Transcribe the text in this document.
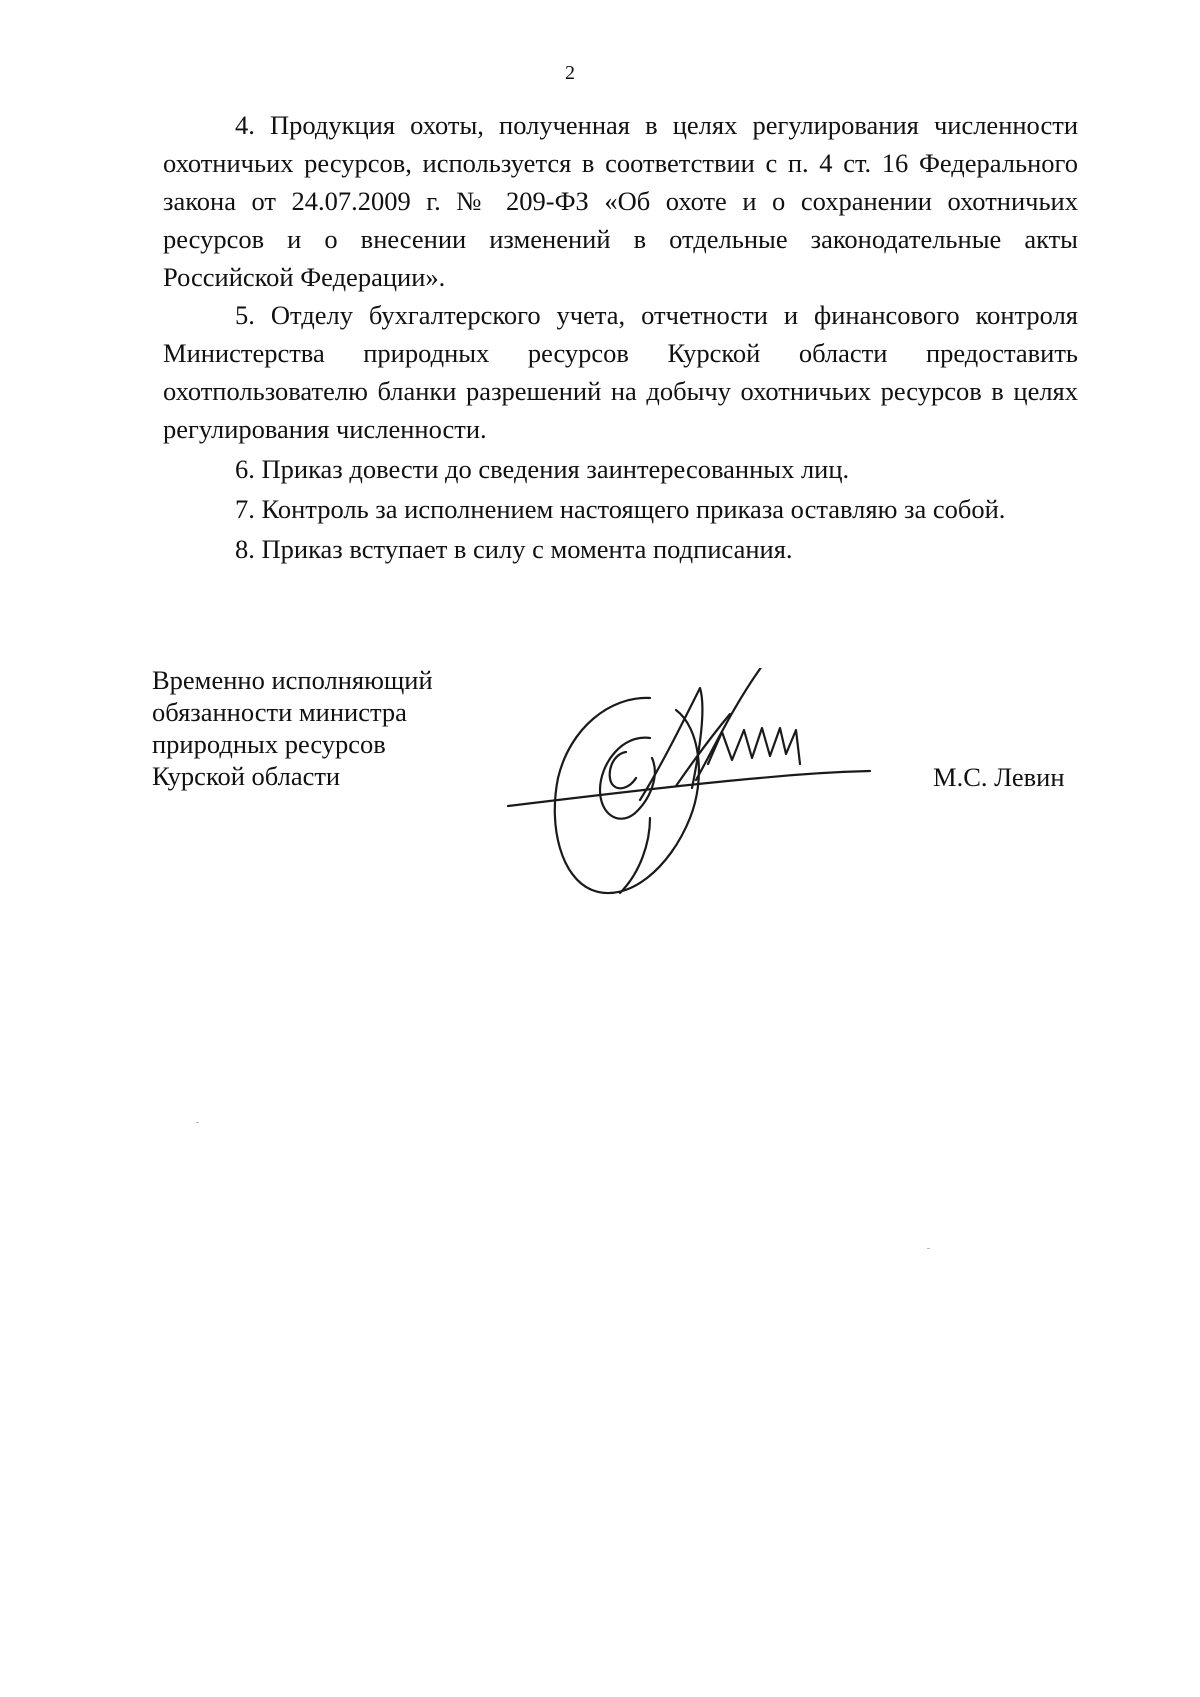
2

4. Продукция охоты, полученная в целях регулирования численности охотничьих ресурсов, используется в соответствии с п. 4 ст. 16 Федерального закона от 24.07.2009 г. № 209-ФЗ «Об охоте и о сохранении охотничьих ресурсов и о внесении изменений в отдельные законодательные акты Российской Федерации».

5. Отделу бухгалтерского учета, отчетности и финансового контроля Министерства природных ресурсов Курской области предоставить охотпользователю бланки разрешений на добычу охотничьих ресурсов в целях регулирования численности.

6. Приказ довести до сведения заинтересованных лиц.

7. Контроль за исполнением настоящего приказа оставляю за собой.

8. Приказ вступает в силу с момента подписания.

Временно исполняющий
обязанности министра
природных ресурсов
Курской области	М.С. Левин
